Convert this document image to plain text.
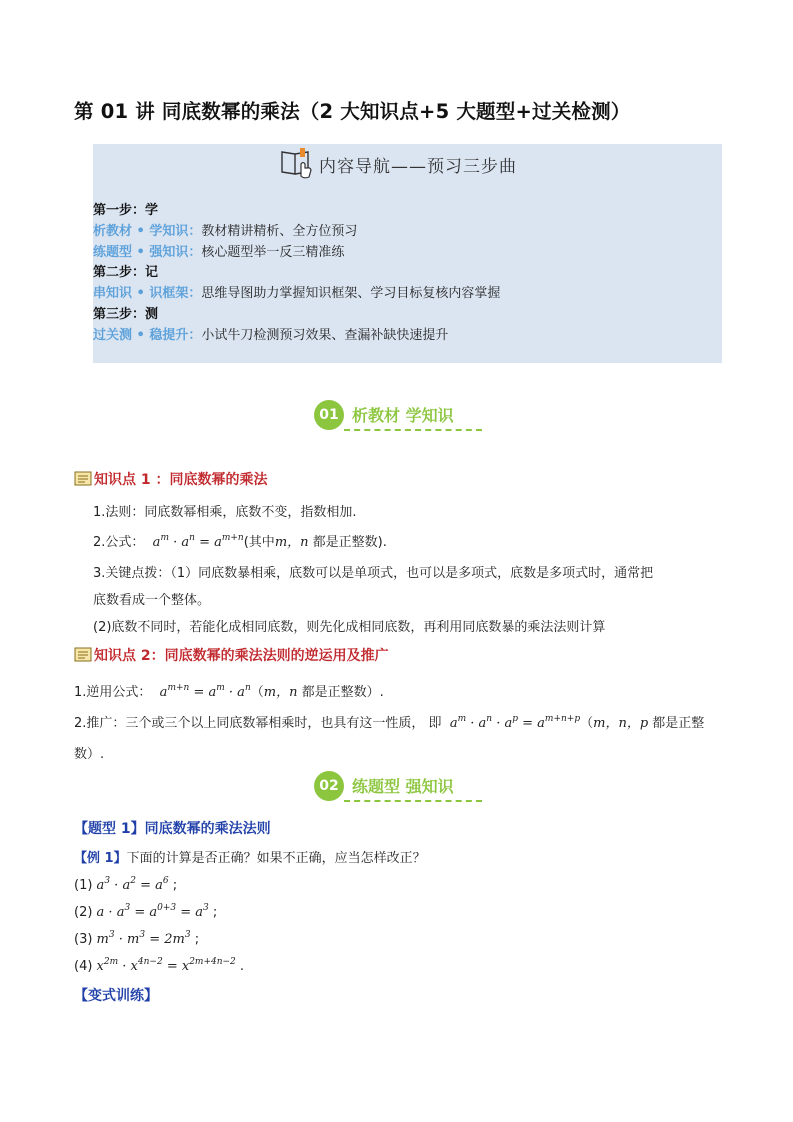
第 01 讲 同底数幂的乘法（2 大知识点+5 大题型+过关检测）
内容导航——预习三步曲
第一步：学
析教材 • 学知识：教材精讲精析、全方位预习
练题型 • 强知识：核心题型举一反三精准练
第二步：记
串知识 • 识框架：思维导图助力掌握知识框架、学习目标复核内容掌握
第三步：测
过关测 • 稳提升：小试牛刀检测预习效果、查漏补缺快速提升
01 析教材 学知识
知识点 1 ：同底数幂的乘法
1.法则：同底数幂相乘，底数不变，指数相加.
2.公式：  $a^m \cdot a^n = a^{m+n}$(其中m，n 都是正整数).
3.关键点拨：（1）同底数暴相乘，底数可以是单项式，也可以是多项式，底数是多项式时，通常把
底数看成一个整体。
(2)底数不同时，若能化成相同底数，则先化成相同底数，再利用同底数暴的乘法法则计算
知识点 2：同底数幂的乘法法则的逆运用及推广
1.逆用公式：  $a^{m+n} = a^m \cdot a^n(m$，n 都是正整数）.
2.推广：三个或三个以上同底数幂相乘时，也具有这一性质， 即  $a^m \cdot a^n \cdot a^p = a^{m+n+p}(m$，n，p 都是正整
数）.
02 练题型 强知识
【题型 1】同底数幂的乘法法则
【例 1】下面的计算是否正确？如果不正确，应当怎样改正？
(1) $a^3 \cdot a^2 = a^6$ ;
(2) $a \cdot a^3 = a^{0+3} = a^3$ ;
(3) $m^3 \cdot m^3 = 2m^3$ ;
(4) $x^{2m} \cdot x^{4n-2} = x^{2m+4n-2}$ .
【变式训练】
